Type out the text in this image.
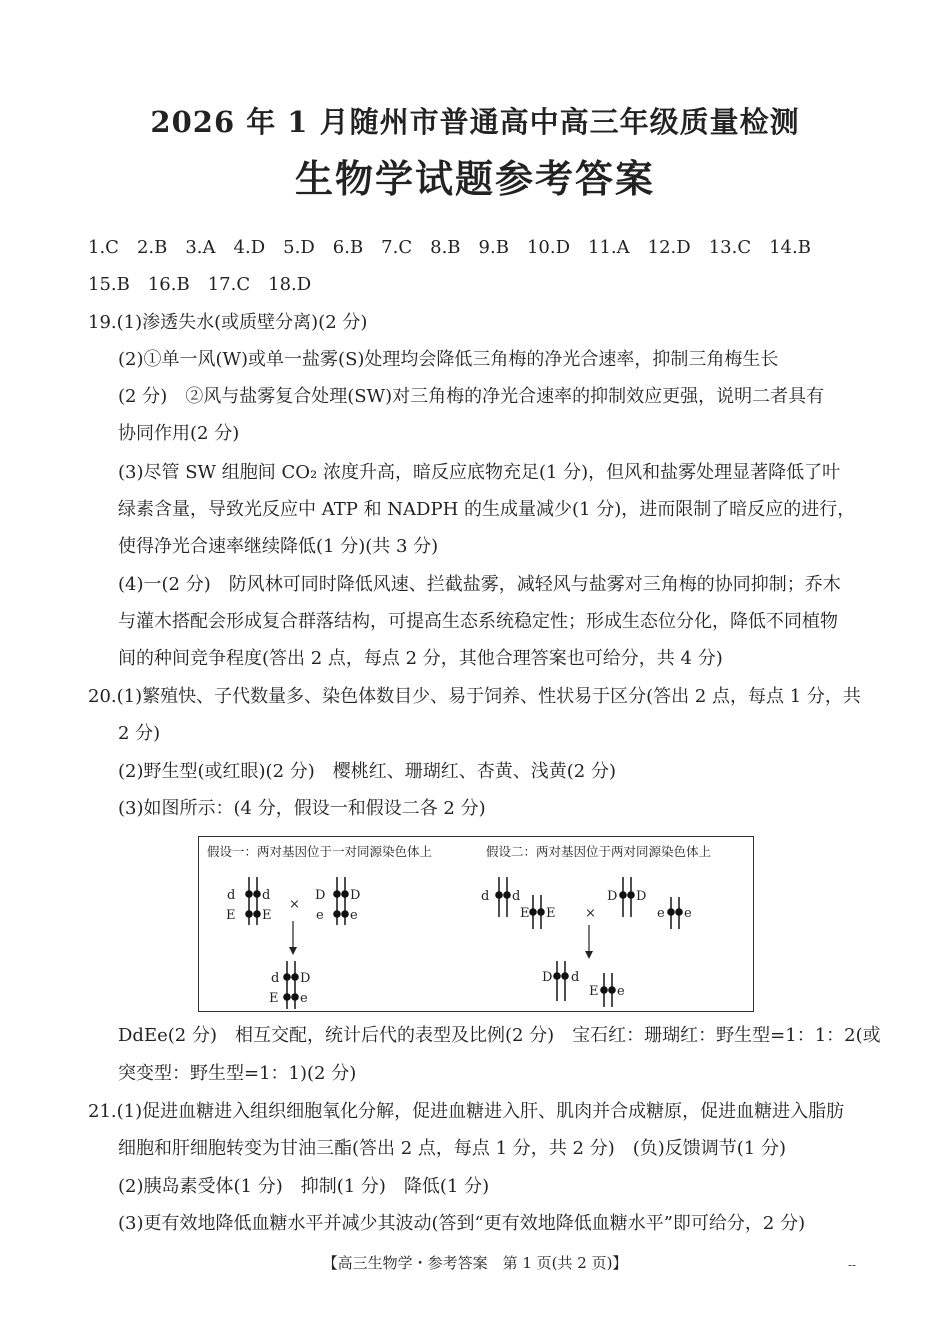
2026 年 1 月随州市普通高中高三年级质量检测
生物学试题参考答案
1.C 2.B 3.A 4.D 5.D 6.B 7.C 8.B 9.B 10.D 11.A 12.D 13.C 14.B
15.B 16.B 17.C 18.D
19.(1)渗透失水(或质壁分离)(2 分)
(2)①单一风(W)或单一盐雾(S)处理均会降低三角梅的净光合速率，抑制三角梅生长
(2 分)　②风与盐雾复合处理(SW)对三角梅的净光合速率的抑制效应更强，说明二者具有
协同作用(2 分)
(3)尽管 SW 组胞间 CO₂ 浓度升高，暗反应底物充足(1 分)，但风和盐雾处理显著降低了叶
绿素含量，导致光反应中 ATP 和 NADPH 的生成量减少(1 分)，进而限制了暗反应的进行，
使得净光合速率继续降低(1 分)(共 3 分)
(4)一(2 分)　防风林可同时降低风速、拦截盐雾，减轻风与盐雾对三角梅的协同抑制；乔木
与灌木搭配会形成复合群落结构，可提高生态系统稳定性；形成生态位分化，降低不同植物
间的种间竞争程度(答出 2 点，每点 2 分，其他合理答案也可给分，共 4 分)
20.(1)繁殖快、子代数量多、染色体数目少、易于饲养、性状易于区分(答出 2 点，每点 1 分，共
2 分)
(2)野生型(或红眼)(2 分)　樱桃红、珊瑚红、杏黄、浅黄(2 分)
(3)如图所示：(4 分，假设一和假设二各 2 分)
假设一：两对基因位于一对同源染色体上	假设二：两对基因位于两对同源染色体上
d d
E E
×
D D
e e
d D
E e
d d
E E ×
D D
e e
D d
E e
DdEe(2 分)　相互交配，统计后代的表型及比例(2 分)　宝石红：珊瑚红：野生型=1：1：2(或
突变型：野生型=1：1)(2 分)
21.(1)促进血糖进入组织细胞氧化分解，促进血糖进入肝、肌肉并合成糖原，促进血糖进入脂肪
细胞和肝细胞转变为甘油三酯(答出 2 点，每点 1 分，共 2 分)　(负)反馈调节(1 分)
(2)胰岛素受体(1 分)　抑制(1 分)　降低(1 分)
(3)更有效地降低血糖水平并减少其波动(答到“更有效地降低血糖水平”即可给分，2 分)
【高三生物学・参考答案　第 1 页(共 2 页)】	--
